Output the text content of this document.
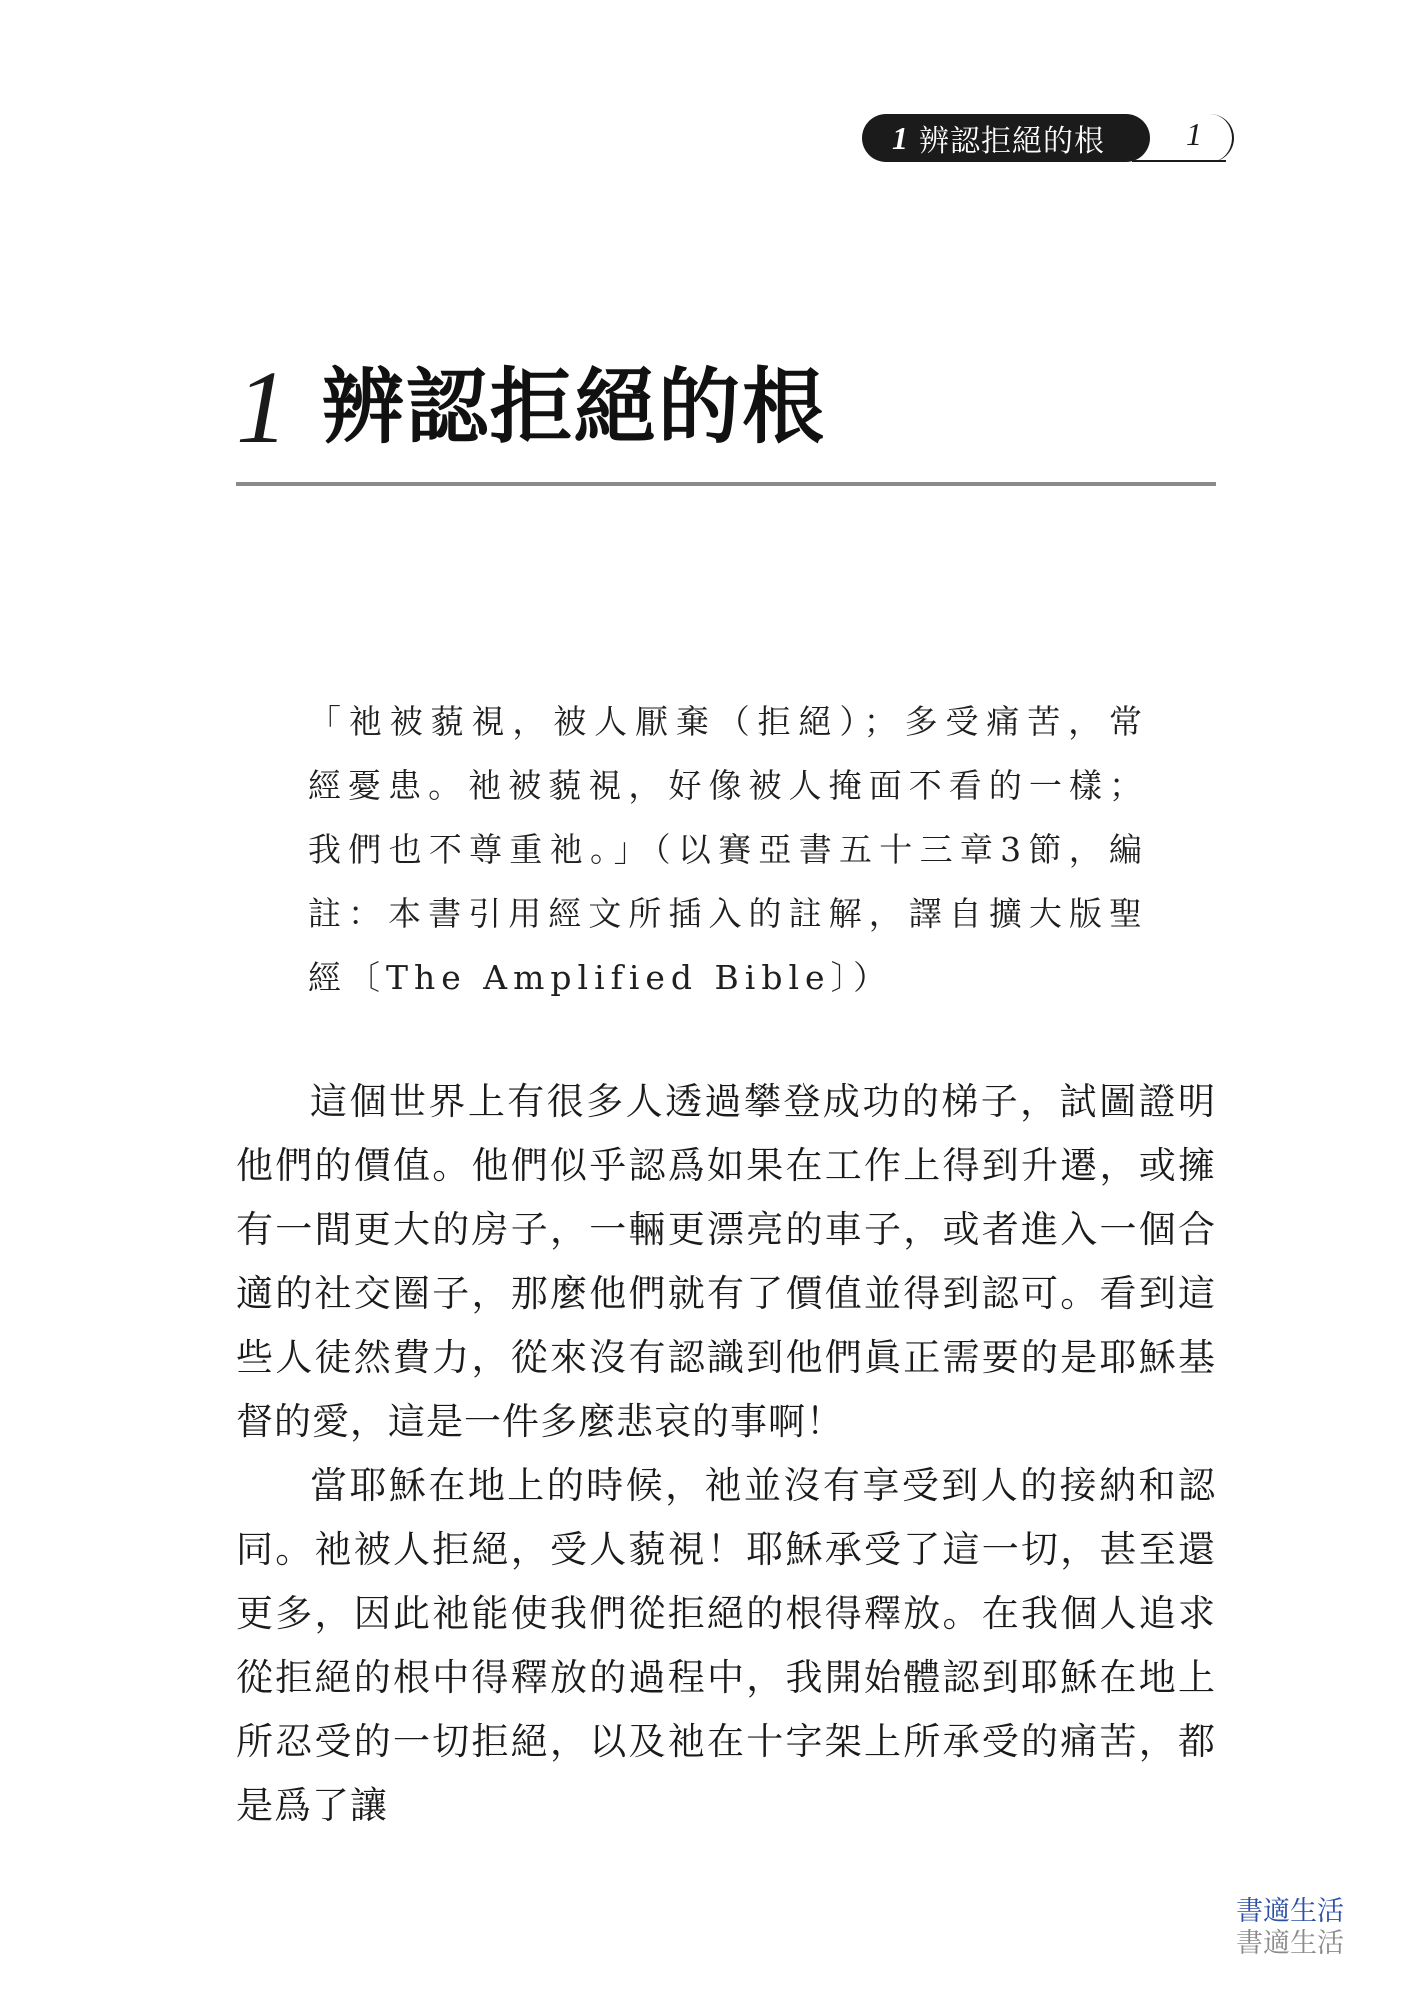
1 辨認拒絕的根	1
1 辨認拒絕的根
「祂被藐視，被人厭棄（拒絕）；多受痛苦，常經憂患。祂被藐視，好像被人掩面不看的一樣；我們也不尊重祂。」（以賽亞書五十三章3節，編註：本書引用經文所插入的註解，譯自擴大版聖經〔The Amplified Bible〕）

這個世界上有很多人透過攀登成功的梯子，試圖證明他們的價值。他們似乎認爲如果在工作上得到升遷，或擁有一間更大的房子，一輛更漂亮的車子，或者進入一個合適的社交圈子，那麼他們就有了價值並得到認可。看到這些人徒然費力，從來沒有認識到他們眞正需要的是耶穌基督的愛，這是一件多麼悲哀的事啊！

當耶穌在地上的時候，祂並沒有享受到人的接納和認同。祂被人拒絕，受人藐視！耶穌承受了這一切，甚至還更多，因此祂能使我們從拒絕的根得釋放。在我個人追求從拒絕的根中得釋放的過程中，我開始體認到耶穌在地上所忍受的一切拒絕，以及祂在十字架上所承受的痛苦，都是爲了讓

書適生活
書適生活
